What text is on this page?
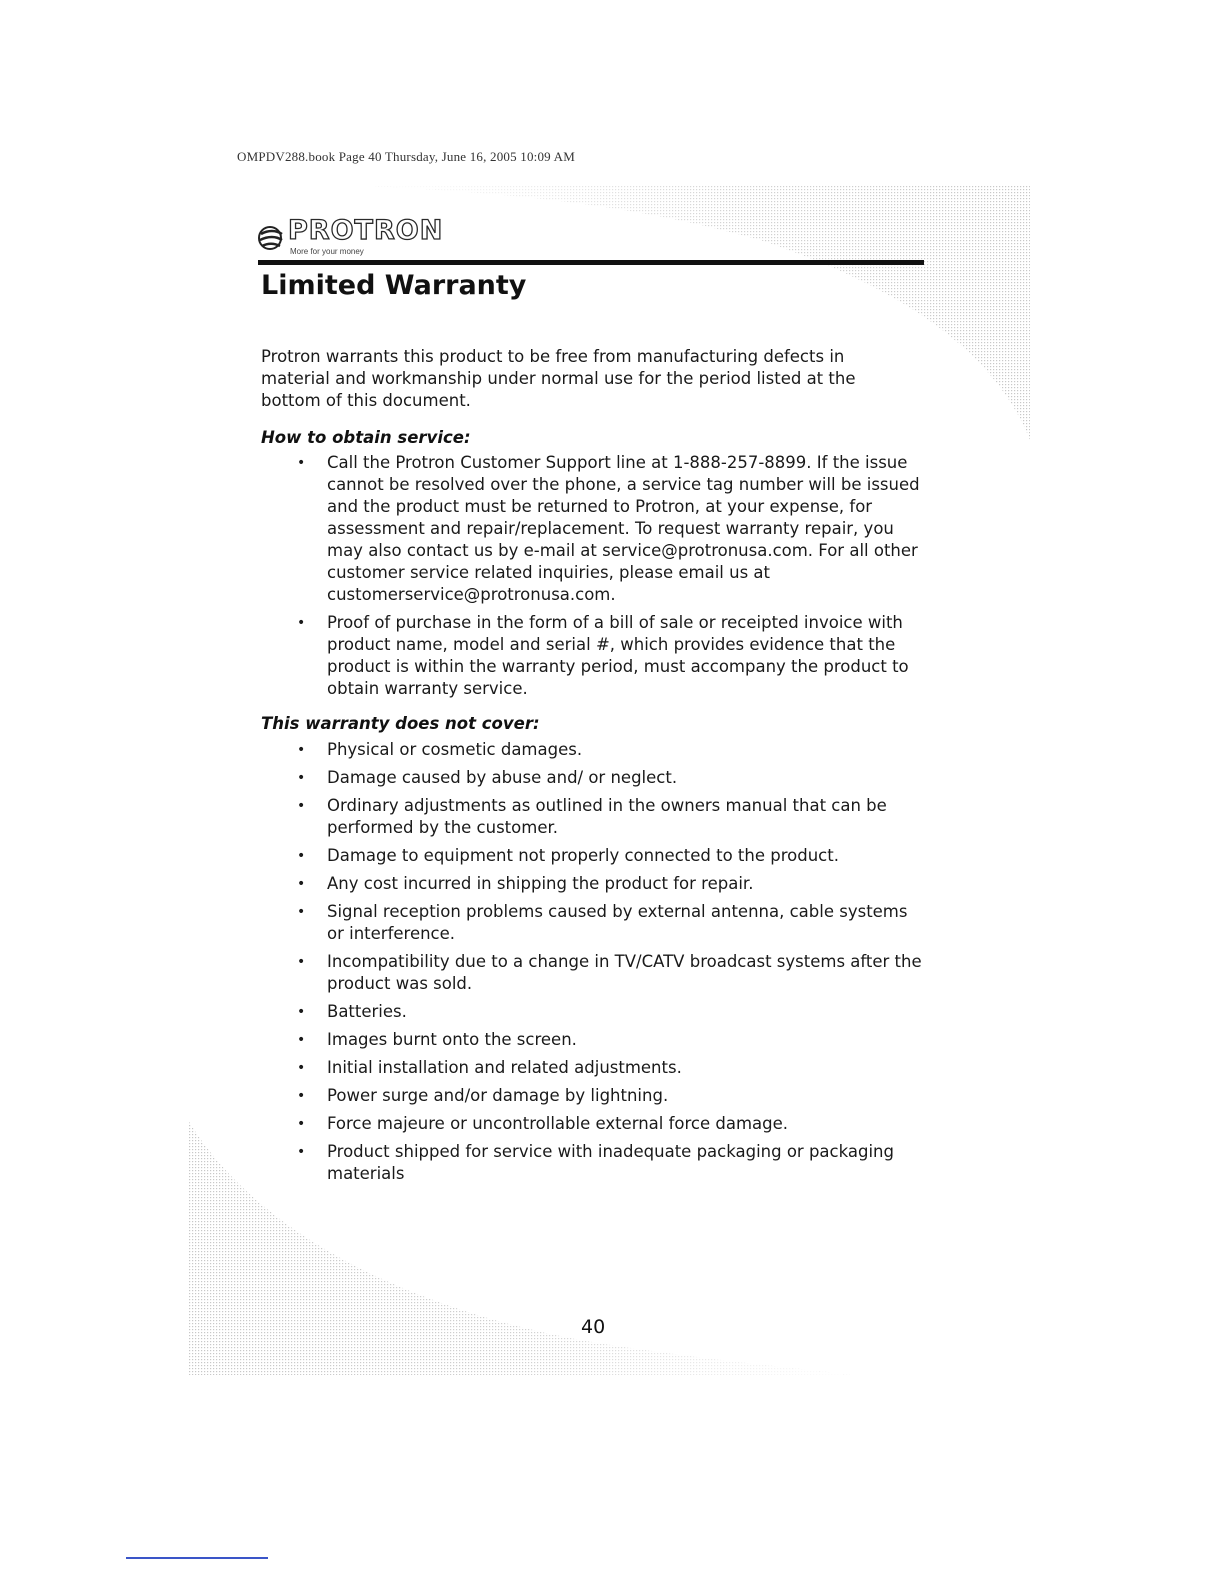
OMPDV288.book Page 40 Thursday, June 16, 2005 10:09 AM
PROTRON
More for your money
Limited Warranty

Protron warrants this product to be free from manufacturing defects in material and workmanship under normal use for the period listed at the bottom of this document.

How to obtain service:
• Call the Protron Customer Support line at 1-888-257-8899. If the issue cannot be resolved over the phone, a service tag number will be issued and the product must be returned to Protron, at your expense, for assessment and repair/replacement. To request warranty repair, you may also contact us by e-mail at service@protronusa.com. For all other customer service related inquiries, please email us at customerservice@protronusa.com.
• Proof of purchase in the form of a bill of sale or receipted invoice with product name, model and serial #, which provides evidence that the product is within the warranty period, must accompany the product to obtain warranty service.
This warranty does not cover:
• Physical or cosmetic damages.
• Damage caused by abuse and/ or neglect.
• Ordinary adjustments as outlined in the owners manual that can be performed by the customer.
• Damage to equipment not properly connected to the product.
• Any cost incurred in shipping the product for repair.
• Signal reception problems caused by external antenna, cable systems or interference.
• Incompatibility due to a change in TV/CATV broadcast systems after the product was sold.
• Batteries.
• Images burnt onto the screen.
• Initial installation and related adjustments.
• Power surge and/or damage by lightning.
• Force majeure or uncontrollable external force damage.
• Product shipped for service with inadequate packaging or packaging materials
40
